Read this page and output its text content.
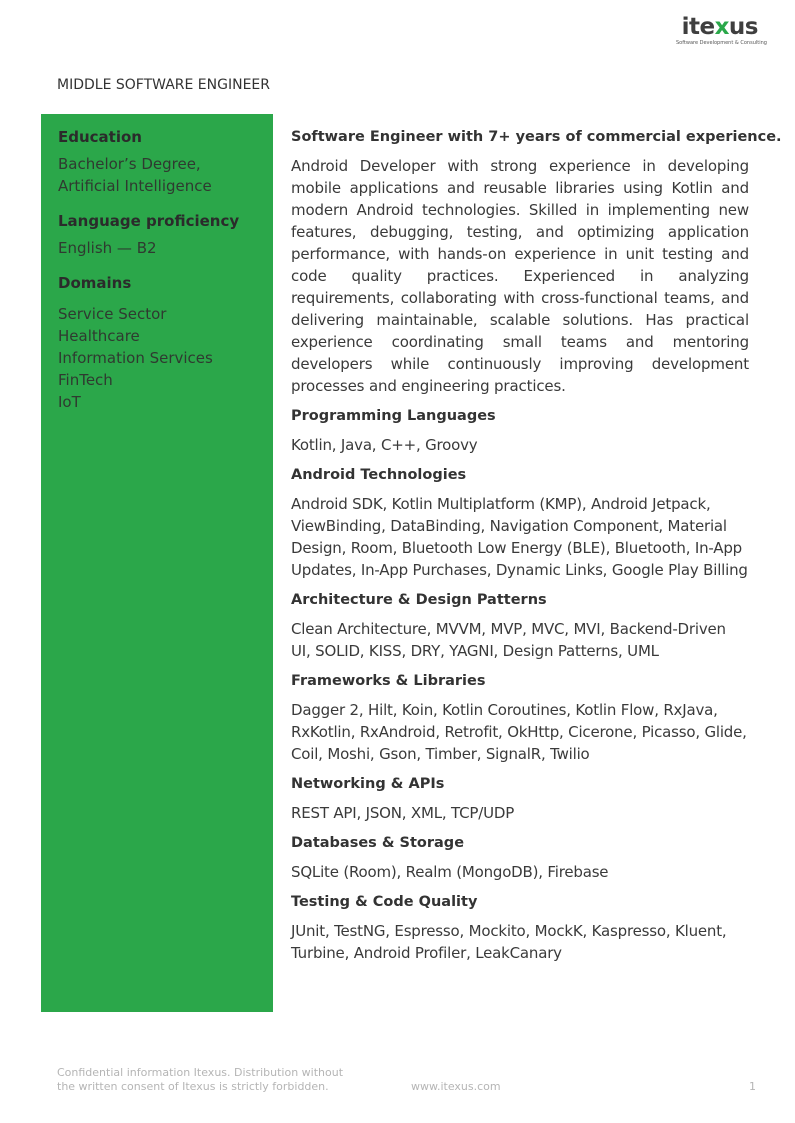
itexus
Software Development & Consulting
MIDDLE SOFTWARE ENGINEER
Education
Bachelor’s Degree,
Artificial Intelligence
Language proficiency
English — B2
Domains
Service Sector
Healthcare
Information Services
FinTech
IoT
Software Engineer with 7+ years of commercial experience.

Android Developer with strong experience in developing mobile applications and reusable libraries using Kotlin and modern Android technologies. Skilled in implementing new features, debugging, testing, and optimizing application performance, with hands-on experience in unit testing and code quality practices. Experienced in analyzing requirements, collaborating with cross-functional teams, and delivering maintainable, scalable solutions. Has practical experience coordinating small teams and mentoring developers while continuously improving development processes and engineering practices.

Programming Languages
Kotlin, Java, C++, Groovy
Android Technologies
Android SDK, Kotlin Multiplatform (KMP), Android Jetpack, ViewBinding, DataBinding, Navigation Component, Material Design, Room, Bluetooth Low Energy (BLE), Bluetooth, In-App Updates, In-App Purchases, Dynamic Links, Google Play Billing
Architecture & Design Patterns
Clean Architecture, MVVM, MVP, MVC, MVI, Backend-Driven UI, SOLID, KISS, DRY, YAGNI, Design Patterns, UML
Frameworks & Libraries
Dagger 2, Hilt, Koin, Kotlin Coroutines, Kotlin Flow, RxJava, RxKotlin, RxAndroid, Retrofit, OkHttp, Cicerone, Picasso, Glide, Coil, Moshi, Gson, Timber, SignalR, Twilio
Networking & APIs
REST API, JSON, XML, TCP/UDP
Databases & Storage
SQLite (Room), Realm (MongoDB), Firebase
Testing & Code Quality
JUnit, TestNG, Espresso, Mockito, MockK, Kaspresso, Kluent, Turbine, Android Profiler, LeakCanary
Confidential information Itexus. Distribution without the written consent of Itexus is strictly forbidden.	www.itexus.com	1
